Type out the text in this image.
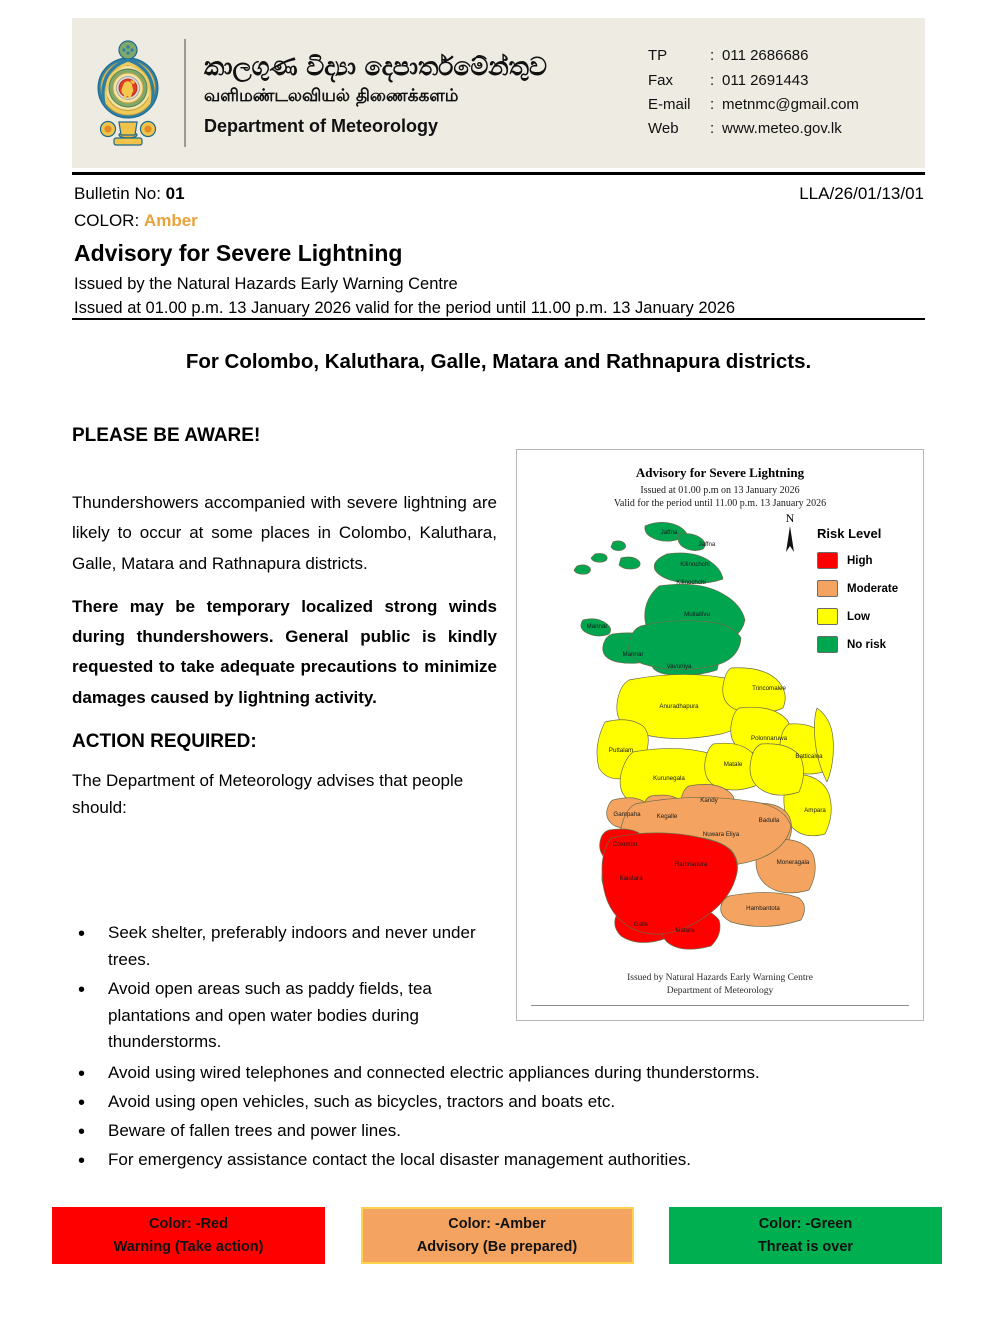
කාලගුණ විද්‍යා දෙපාර්තමේන්තුව
வளிமண்டலவியல் திணைக்களம்
Department of Meteorology
TP	: 011 2686686
Fax	: 011 2691443
E-mail	: metnmc@gmail.com
Web	: www.meteo.gov.lk
Bulletin No: 01	LLA/26/01/13/01
COLOR: Amber
Advisory for Severe Lightning
Issued by the Natural Hazards Early Warning Centre
Issued at 01.00 p.m. 13 January 2026 valid for the period until 11.00 p.m. 13 January 2026
For Colombo, Kaluthara, Galle, Matara and Rathnapura districts.
PLEASE BE AWARE!

Thundershowers accompanied with severe lightning are likely to occur at some places in Colombo, Kaluthara, Galle, Matara and Rathnapura districts.

There may be temporary localized strong winds during thundershowers. General public is kindly requested to take adequate precautions to minimize damages caused by lightning activity.

ACTION REQUIRED:

The Department of Meteorology advises that people should:

• Seek shelter, preferably indoors and never under trees.
• Avoid open areas such as paddy fields, tea plantations and open water bodies during thunderstorms.
• Avoid using wired telephones and connected electric appliances during thunderstorms.
• Avoid using open vehicles, such as bicycles, tractors and boats etc.
• Beware of fallen trees and power lines.
• For emergency assistance contact the local disaster management authorities.
Advisory for Severe Lightning
Issued at 01.00 p.m on 13 January 2026
Valid for the period until 11.00 p.m. 13 January 2026
Jaffna
Jaffna
Kilinochchi
Kilinochchi
Mullaitivu
Mannar
Mannar
Vavuniya
Trincomalee
Anuradhapura
Puttalam
Polonnaruwa
Batticaloa
Kurunegala
Matale
Ampara
Gampaha	Kegalle
Kandy
Nuwara Eliya
Badulla
Moneragala
Hambantota
Colombo
Kalutara
Rathnapura
Galle
Matara
N
Risk Level
High
Moderate
Low
No risk
Issued by Natural Hazards Early Warning Centre
Department of Meteorology
Color: -Red
Warning (Take action)
Color: -Amber
Advisory (Be prepared)
Color: -Green
Threat is over
